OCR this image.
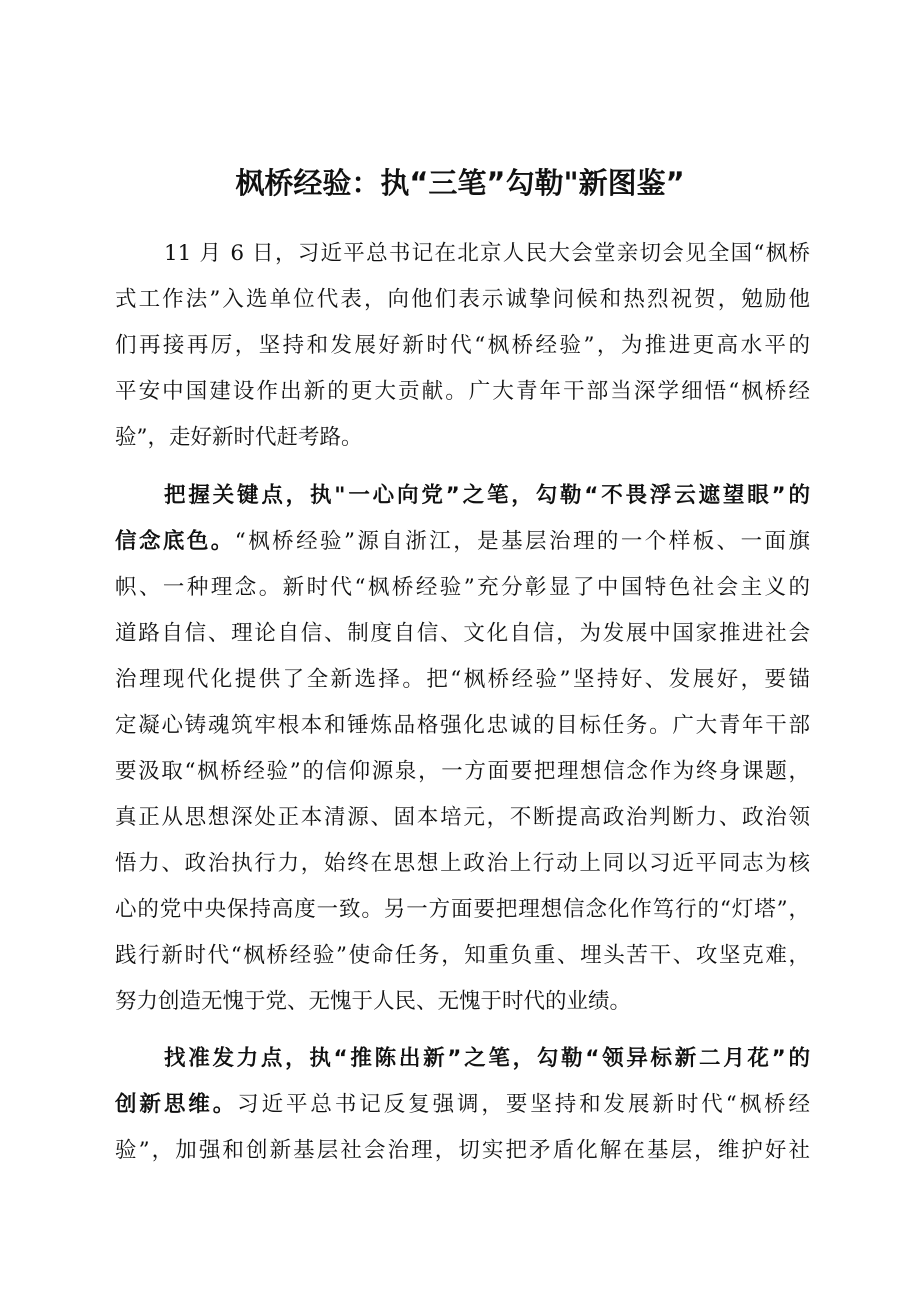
枫桥经验：执“三笔”勾勒"新图鉴”

11 月 6 日，习近平总书记在北京人民大会堂亲切会见全国“枫桥

式工作法”入选单位代表，向他们表示诚挚问候和热烈祝贺，勉励他

们再接再厉，坚持和发展好新时代“枫桥经验”，为推进更高水平的

平安中国建设作出新的更大贡献。广大青年干部当深学细悟“枫桥经

验”，走好新时代赶考路。

把握关键点，执"一心向党”之笔，勾勒“不畏浮云遮望眼”的

信念底色。“枫桥经验”源自浙江，是基层治理的一个样板、一面旗

帜、一种理念。新时代“枫桥经验”充分彰显了中国特色社会主义的

道路自信、理论自信、制度自信、文化自信，为发展中国家推进社会

治理现代化提供了全新选择。把“枫桥经验”坚持好、发展好，要锚

定凝心铸魂筑牢根本和锤炼品格强化忠诚的目标任务。广大青年干部

要汲取“枫桥经验”的信仰源泉，一方面要把理想信念作为终身课题，

真正从思想深处正本清源、固本培元，不断提高政治判断力、政治领

悟力、政治执行力，始终在思想上政治上行动上同以习近平同志为核

心的党中央保持高度一致。另一方面要把理想信念化作笃行的“灯塔”，

践行新时代“枫桥经验”使命任务，知重负重、埋头苦干、攻坚克难，

努力创造无愧于党、无愧于人民、无愧于时代的业绩。

找准发力点，执“推陈出新”之笔，勾勒“领异标新二月花”的

创新思维。习近平总书记反复强调，要坚持和发展新时代“枫桥经

验”，加强和创新基层社会治理，切实把矛盾化解在基层，维护好社
